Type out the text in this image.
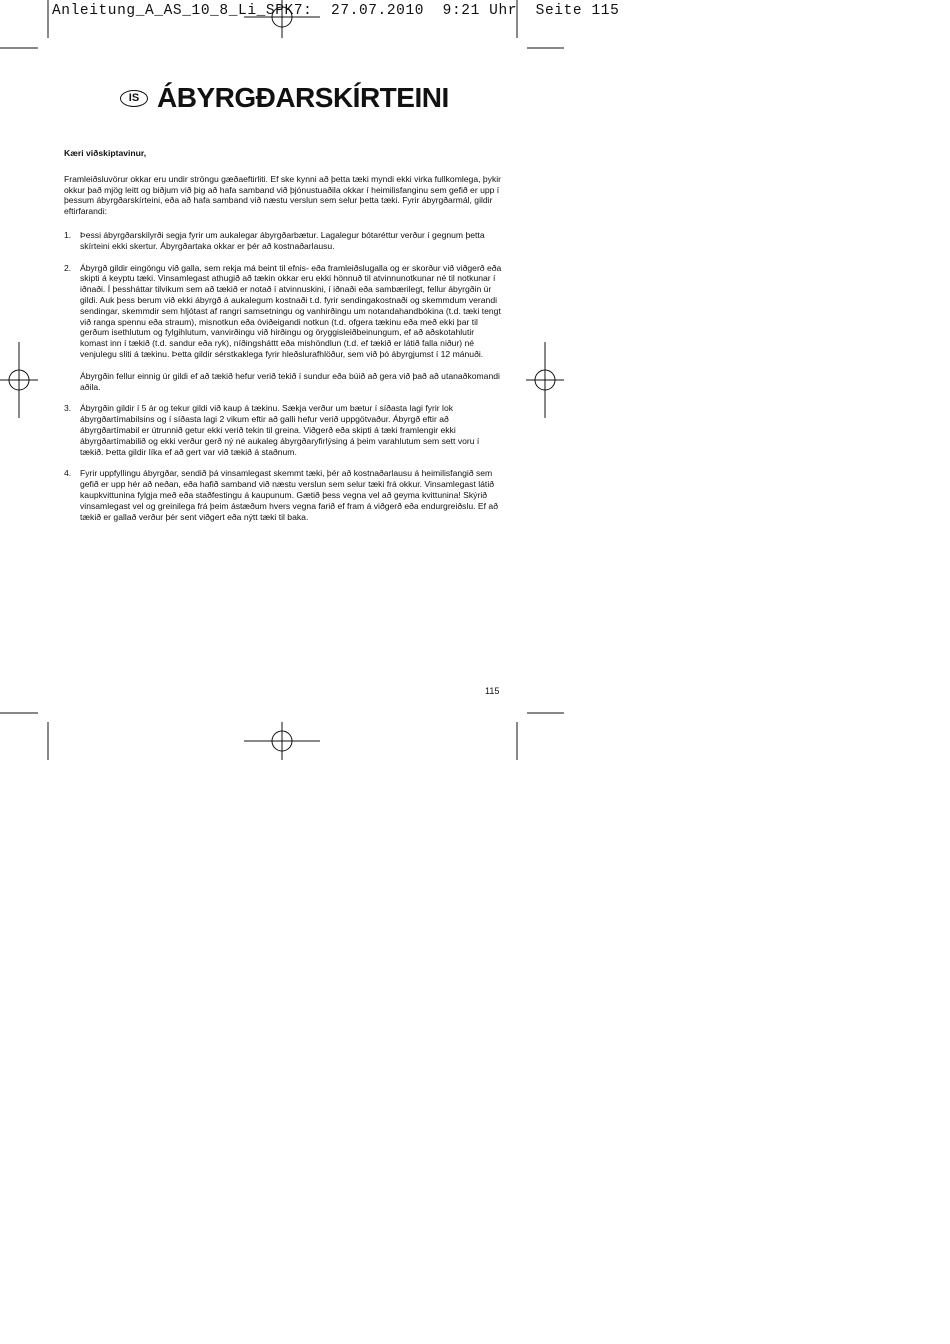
Anleitung_A_AS_10_8_Li_SPK7:  27.07.2010  9:21 Uhr  Seite 115
IS ÁBYRGÐARSKÍRTEINI

Kæri viðskiptavinur,

Framleiðsluvörur okkar eru undir ströngu gæðaeftirliti. Ef ske kynni að þetta tæki myndi ekki virka fullkomlega, þykir okkur það mjög leitt og biðjum við þig að hafa samband við þjónustuaðila okkar í heimilisfanginu sem gefið er upp í þessum ábyrgðarskírteini, eða að hafa samband við næstu verslun sem selur þetta tæki. Fyrir ábyrgðarmál, gildir eftirfarandi:

1.	Þessi ábyrgðarskilyrði segja fyrir um aukalegar ábyrgðarbætur. Lagalegur bótaréttur verður í gegnum þetta skírteini ekki skertur. Ábyrgðartaka okkar er þér að kostnaðarlausu.

2.	Ábyrgð gildir eingöngu við galla, sem rekja má beint til efnis- eða framleiðslugalla og er skorður við viðgerð eða skipti á keyptu tæki. Vinsamlegast athugið að tækin okkar eru ekki hönnuð til atvinnunotkunar né til notkunar í iðnaði. Í þessháttar tilvikum sem að tækið er notað í atvinnuskini, í iðnaði eða sambærilegt, fellur ábyrgðin úr gildi. Auk þess berum við ekki ábyrgð á aukalegum kostnaði t.d. fyrir sendingakostnaði og skemmdum verandi sendingar, skemmdir sem hljótast af rangri samsetningu og vanhirðingu um notandahandbókina (t.d. tæki tengt við ranga spennu eða straum), misnotkun eða óviðeigandi notkun (t.d. ofgera tækinu eða með ekki þar til gerðum isethlutum og fylgihlutum, vanvirðingu við hirðingu og öryggisleiðbeinungum, ef að aðskotahlutir komast inn í tækið (t.d. sandur eða ryk), níðingsháttt eða mishöndlun (t.d. ef tækið er látið falla niður) né venjulegu sliti á tækinu. Þetta gildir sérstkaklega fyrir hleðslurafhlöður, sem við þó ábyrgjumst í 12 mánuði.

Ábyrgðin fellur einnig úr gildi ef að tækið hefur verið tekið í sundur eða búið að gera við það að utanaðkomandi aðila.

3.	Ábyrgðin gildir í 5 ár og tekur gildi við kaup á tækinu. Sækja verður um bætur í síðasta lagi fyrir lok ábyrgðartímabilsins og í síðasta lagi 2 vikum eftir að galli hefur verið uppgötvaður. Ábyrgð eftir að ábyrgðartímabil er útrunnið getur ekki verið tekin til greina. Viðgerð eða skipti á tæki framlengir ekki ábyrgðartímabilið og ekki verður gerð ný né aukaleg ábyrgðaryfirlýsing á þeim varahlutum sem sett voru í tækið. Þetta gildir líka ef að gert var við tækið á staðnum.

4.	Fyrir uppfyllingu ábyrgðar, sendið þá vinsamlegast skemmt tæki, þér að kostnaðarlausu á heimilisfangið sem gefið er upp hér að neðan, eða hafið samband við næstu verslun sem selur tæki frá okkur. Vinsamlegast látið kaupkvittunina fylgja með eða staðfestingu á kaupunum. Gætið þess vegna vel að geyma kvittunina! Skýrið vinsamlegast vel og greinilega frá þeim ástæðum hvers vegna farið ef fram á viðgerð eða endurgreiðslu. Ef að tækið er gallað verður þér sent viðgert eða nýtt tæki til baka.

115
